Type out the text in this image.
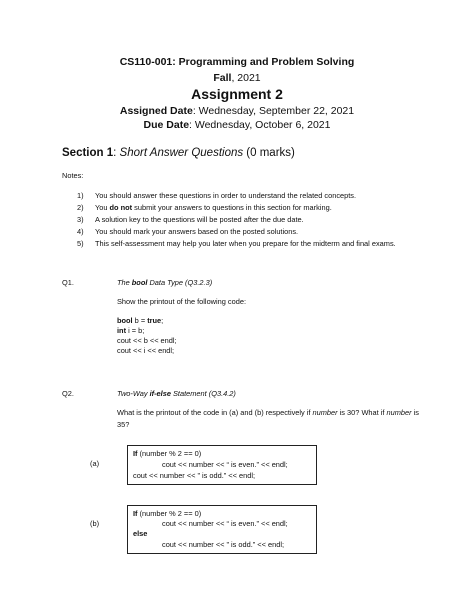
CS110-001: Programming and Problem Solving
Fall, 2021
Assignment 2
Assigned Date: Wednesday, September 22, 2021
Due Date: Wednesday, October 6, 2021
Section 1: Short Answer Questions (0 marks)
Notes:
1) You should answer these questions in order to understand the related concepts.
2) You do not submit your answers to questions in this section for marking.
3) A solution key to the questions will be posted after the due date.
4) You should mark your answers based on the posted solutions.
5) This self-assessment may help you later when you prepare for the midterm and final exams.
Q1.	The bool Data Type (Q3.2.3)
Show the printout of the following code:
bool b = true;
int i = b;
cout << b << endl;
cout << i << endl;
Q2.	Two-Way if-else Statement (Q3.4.2)
What is the printout of the code in (a) and (b) respectively if number is 30? What if number is
35?
(a)
If (number % 2 == 0)
cout << number << “ is even.” << endl;
cout << number << ” is odd.” << endl;
(b)
If (number % 2 == 0)
cout << number << “ is even.” << endl;
else
cout << number << ” is odd.” << endl;
